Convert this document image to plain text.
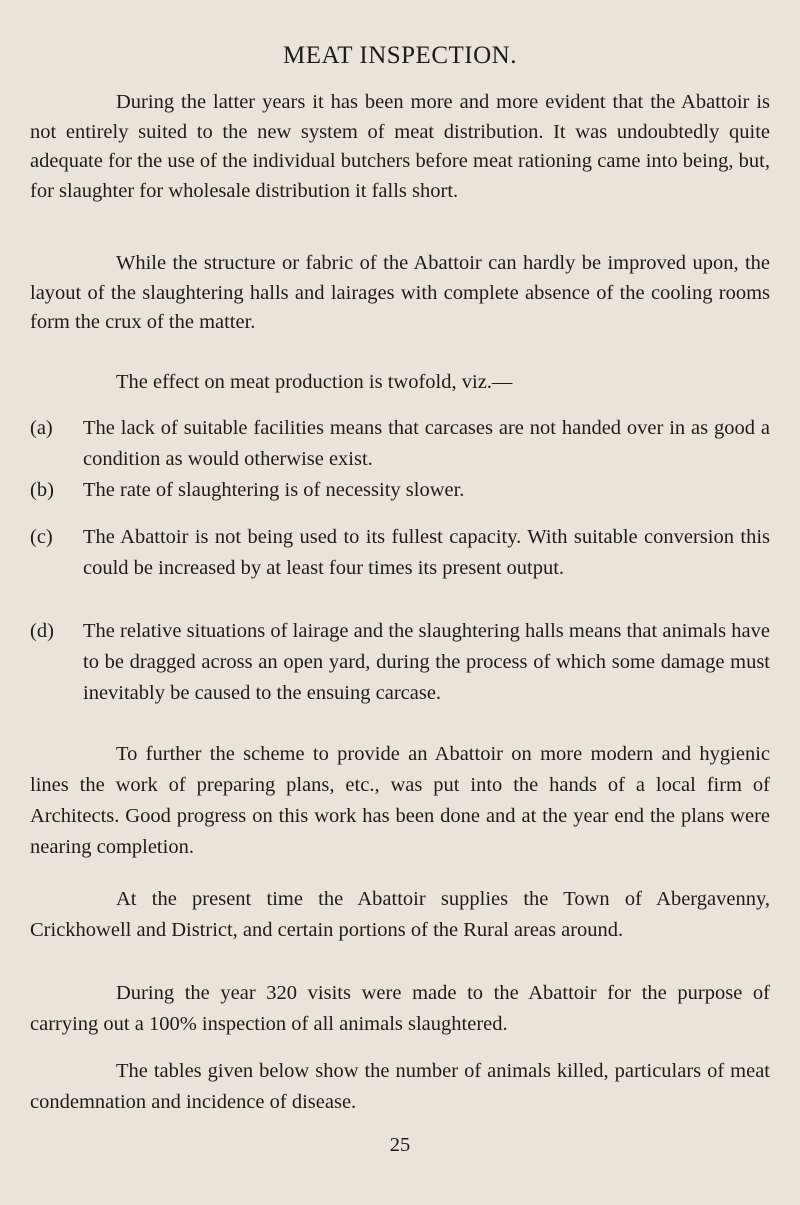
MEAT INSPECTION.

During the latter years it has been more and more evident that the Abattoir is not entirely suited to the new system of meat distribution. It was undoubtedly quite adequate for the use of the individual butchers before meat rationing came into being, but, for slaughter for wholesale distribution it falls short.

While the structure or fabric of the Abattoir can hardly be improved upon, the layout of the slaughtering halls and lairages with complete absence of the cooling rooms form the crux of the matter.

The effect on meat production is twofold, viz.—

(a) The lack of suitable facilities means that carcases are not handed over in as good a condition as would otherwise exist.
(b) The rate of slaughtering is of necessity slower.
(c) The Abattoir is not being used to its fullest capacity. With suitable conversion this could be increased by at least four times its present output.
(d) The relative situations of lairage and the slaughtering halls means that animals have to be dragged across an open yard, during the process of which some damage must inevitably be caused to the ensuing carcase.

To further the scheme to provide an Abattoir on more modern and hygienic lines the work of preparing plans, etc., was put into the hands of a local firm of Architects. Good progress on this work has been done and at the year end the plans were nearing completion.

At the present time the Abattoir supplies the Town of Abergavenny, Crickhowell and District, and certain portions of the Rural areas around.

During the year 320 visits were made to the Abattoir for the purpose of carrying out a 100% inspection of all animals slaughtered.

The tables given below show the number of animals killed, particulars of meat condemnation and incidence of disease.

25
